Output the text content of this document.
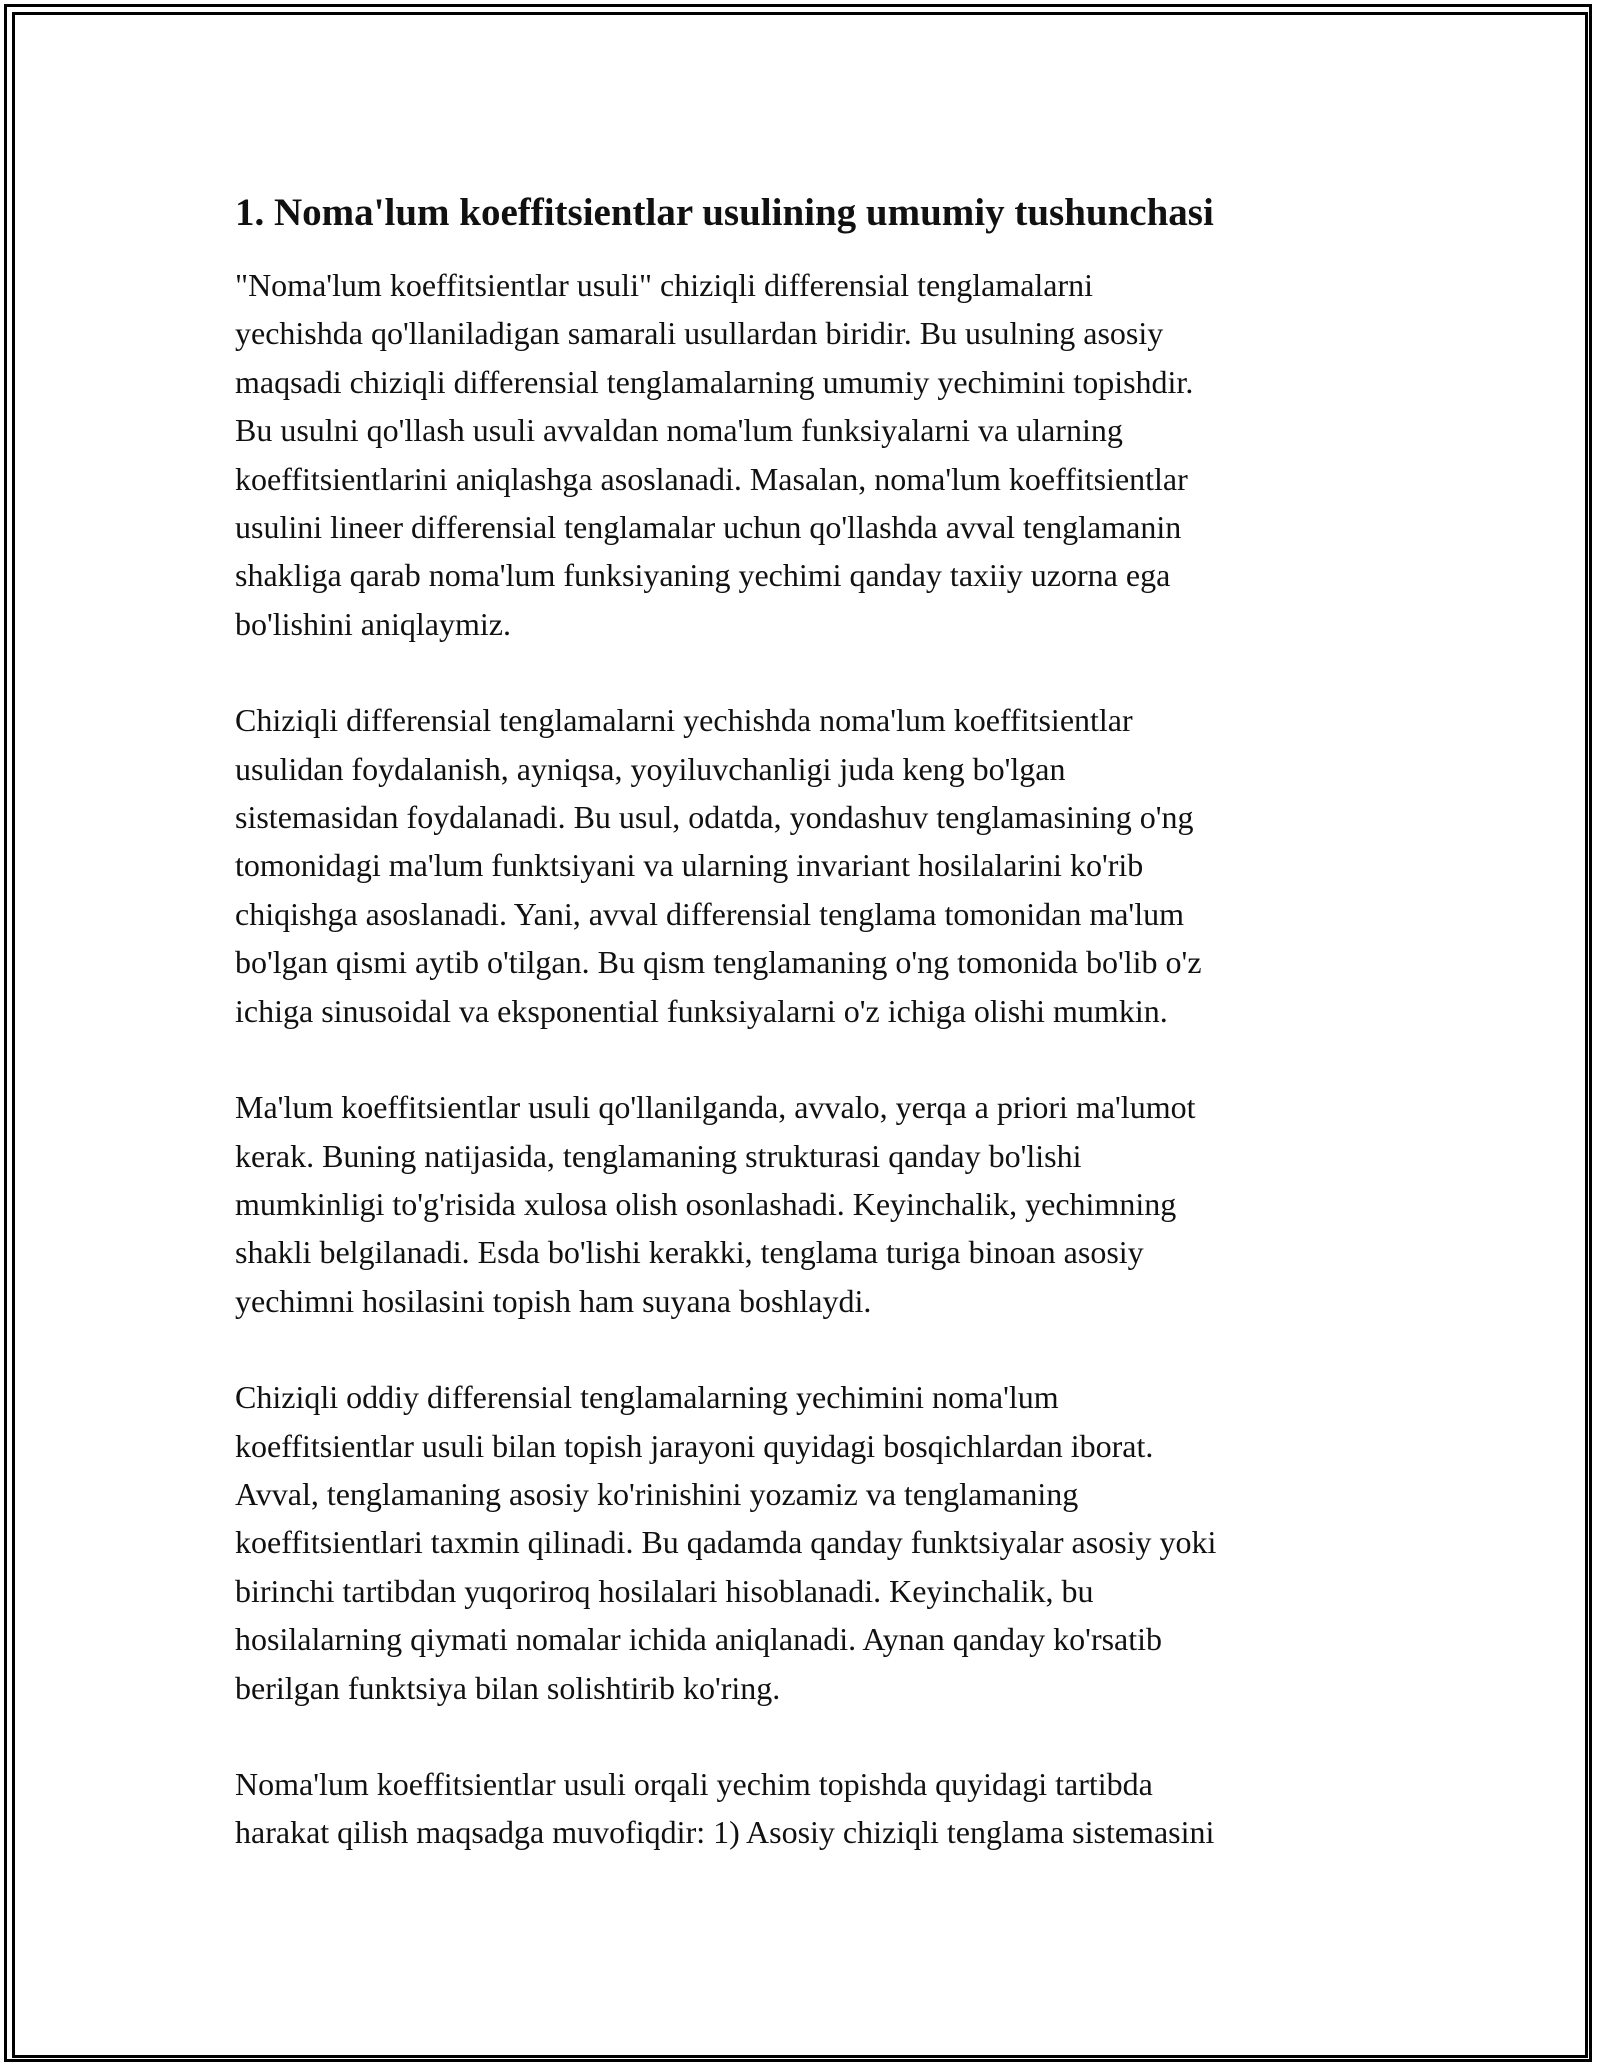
1. Noma'lum koeffitsientlar usulining umumiy tushunchasi

"Noma'lum koeffitsientlar usuli" chiziqli differensial tenglamalarni
yechishda qo'llaniladigan samarali usullardan biridir. Bu usulning asosiy
maqsadi chiziqli differensial tenglamalarning umumiy yechimini topishdir.
Bu usulni qo'llash usuli avvaldan noma'lum funksiyalarni va ularning
koeffitsientlarini aniqlashga asoslanadi. Masalan, noma'lum koeffitsientlar
usulini lineer differensial tenglamalar uchun qo'llashda avval tenglamanin
shakliga qarab noma'lum funksiyaning yechimi qanday taxiiy uzorna ega
bo'lishini aniqlaymiz.

Chiziqli differensial tenglamalarni yechishda noma'lum koeffitsientlar
usulidan foydalanish, ayniqsa, yoyiluvchanligi juda keng bo'lgan
sistemasidan foydalanadi. Bu usul, odatda, yondashuv tenglamasining o'ng
tomonidagi ma'lum funktsiyani va ularning invariant hosilalarini ko'rib
chiqishga asoslanadi. Yani, avval differensial tenglama tomonidan ma'lum
bo'lgan qismi aytib o'tilgan. Bu qism tenglamaning o'ng tomonida bo'lib o'z
ichiga sinusoidal va eksponential funksiyalarni o'z ichiga olishi mumkin.

Ma'lum koeffitsientlar usuli qo'llanilganda, avvalo, yerqa a priori ma'lumot
kerak. Buning natijasida, tenglamaning strukturasi qanday bo'lishi
mumkinligi to'g'risida xulosa olish osonlashadi. Keyinchalik, yechimning
shakli belgilanadi. Esda bo'lishi kerakki, tenglama turiga binoan asosiy
yechimni hosilasini topish ham suyana boshlaydi.

Chiziqli oddiy differensial tenglamalarning yechimini noma'lum
koeffitsientlar usuli bilan topish jarayoni quyidagi bosqichlardan iborat.
Avval, tenglamaning asosiy ko'rinishini yozamiz va tenglamaning
koeffitsientlari taxmin qilinadi. Bu qadamda qanday funktsiyalar asosiy yoki
birinchi tartibdan yuqoriroq hosilalari hisoblanadi. Keyinchalik, bu
hosilalarning qiymati nomalar ichida aniqlanadi. Aynan qanday ko'rsatib
berilgan funktsiya bilan solishtirib ko'ring.

Noma'lum koeffitsientlar usuli orqali yechim topishda quyidagi tartibda
harakat qilish maqsadga muvofiqdir: 1) Asosiy chiziqli tenglama sistemasini
